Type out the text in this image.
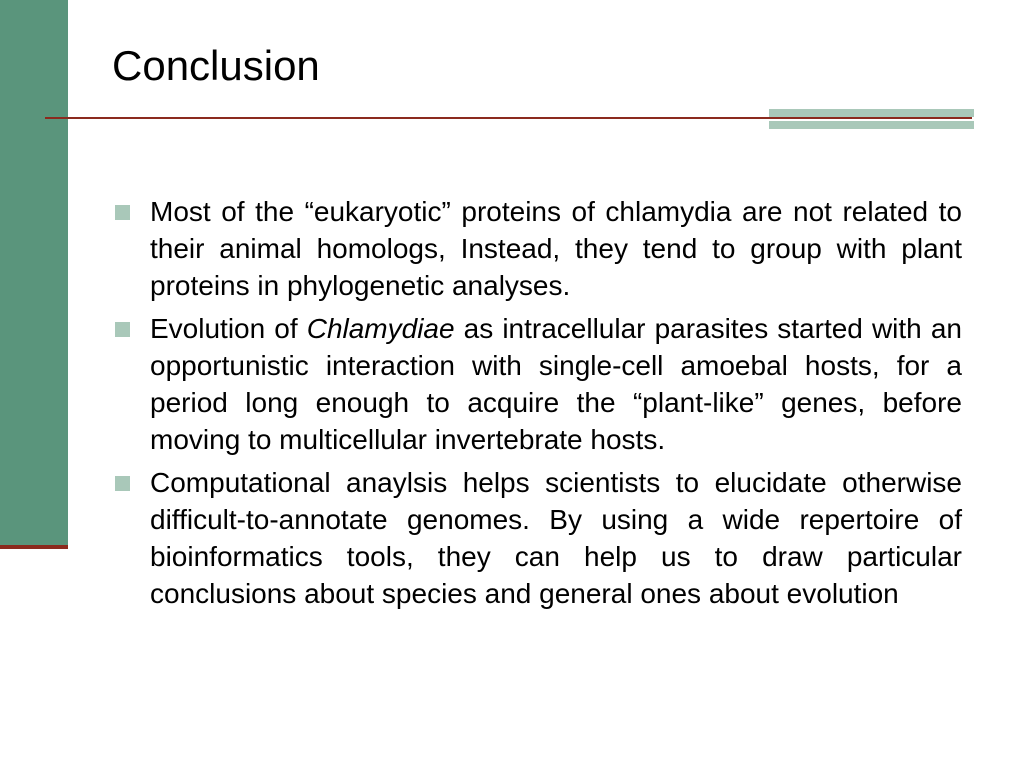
Conclusion
Most of the “eukaryotic” proteins of chlamydia are not related to their animal homologs, Instead, they tend to group with plant proteins in phylogenetic analyses.
Evolution of Chlamydiae as intracellular parasites started with an opportunistic interaction with single-cell amoebal hosts, for a period long enough to acquire the “plant-like” genes, before moving to multicellular invertebrate hosts.
Computational anaylsis helps scientists to elucidate otherwise difficult-to-annotate genomes. By using a wide repertoire of bioinformatics tools, they can help us to draw particular conclusions about species and general ones about evolution
